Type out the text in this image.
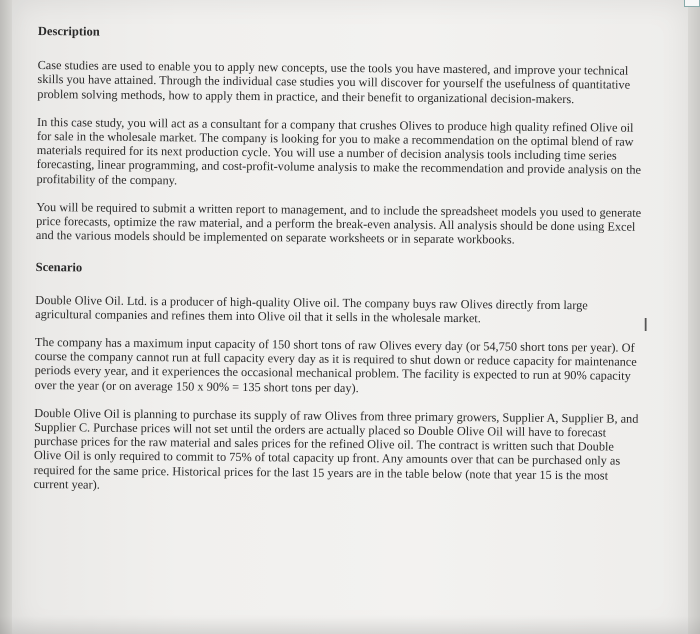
Description

Case studies are used to enable you to apply new concepts, use the tools you have mastered, and improve your technical skills you have attained. Through the individual case studies you will discover for yourself the usefulness of quantitative problem solving methods, how to apply them in practice, and their benefit to organizational decision-makers.

In this case study, you will act as a consultant for a company that crushes Olives to produce high quality refined Olive oil for sale in the wholesale market. The company is looking for you to make a recommendation on the optimal blend of raw materials required for its next production cycle. You will use a number of decision analysis tools including time series forecasting, linear programming, and cost-profit-volume analysis to make the recommendation and provide analysis on the profitability of the company.

You will be required to submit a written report to management, and to include the spreadsheet models you used to generate price forecasts, optimize the raw material, and a perform the break-even analysis. All analysis should be done using Excel and the various models should be implemented on separate worksheets or in separate workbooks.

Scenario

Double Olive Oil. Ltd. is a producer of high-quality Olive oil. The company buys raw Olives directly from large agricultural companies and refines them into Olive oil that it sells in the wholesale market.

The company has a maximum input capacity of 150 short tons of raw Olives every day (or 54,750 short tons per year). Of course the company cannot run at full capacity every day as it is required to shut down or reduce capacity for maintenance periods every year, and it experiences the occasional mechanical problem. The facility is expected to run at 90% capacity over the year (or on average 150 x 90% = 135 short tons per day).

Double Olive Oil is planning to purchase its supply of raw Olives from three primary growers, Supplier A, Supplier B, and Supplier C. Purchase prices will not set until the orders are actually placed so Double Olive Oil will have to forecast purchase prices for the raw material and sales prices for the refined Olive oil. The contract is written such that Double Olive Oil is only required to commit to 75% of total capacity up front. Any amounts over that can be purchased only as required for the same price. Historical prices for the last 15 years are in the table below (note that year 15 is the most current year).

I
